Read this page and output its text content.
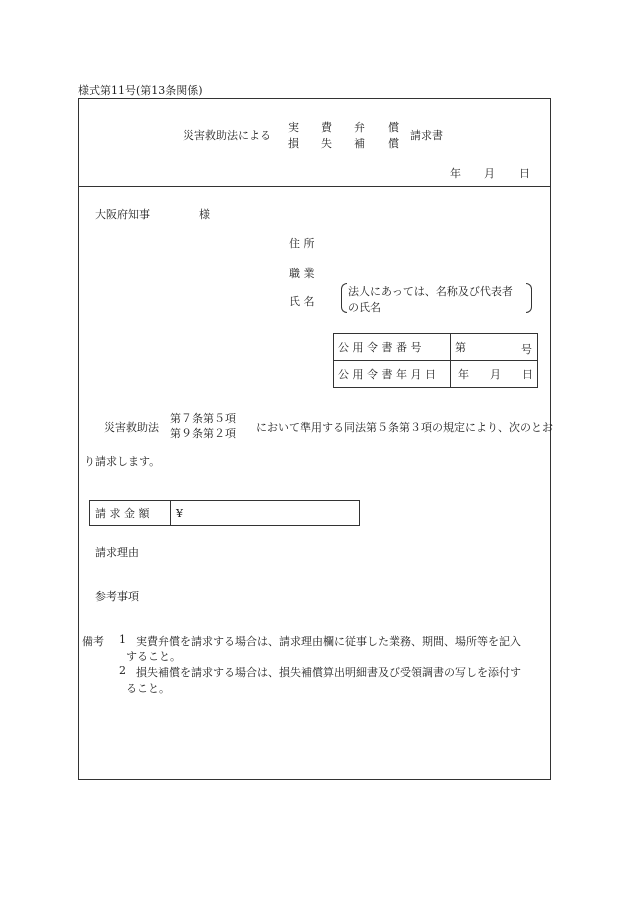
様式第11号(第13条関係)
災害救助法による
実 費 弁 償
損 失 補 償
請求書
年 月 日
大阪府知事	様
住 所
職 業
氏 名
法人にあっては、名称及び代表者
の氏名
公 用 令 書 番 号	第 号

公 用 令 書 年 月 日	年 月 日
災害救助法
第７条第５項
第９条第２項 において準用する同法第５条第３項の規定により、次のとお
り請求します。
請 求 金 額	¥
請求理由
参考事項
備考 1 実費弁償を請求する場合は、請求理由欄に従事した業務、期間、場所等を記入
すること。
2 損失補償を請求する場合は、損失補償算出明細書及び受領調書の写しを添付す
ること。
